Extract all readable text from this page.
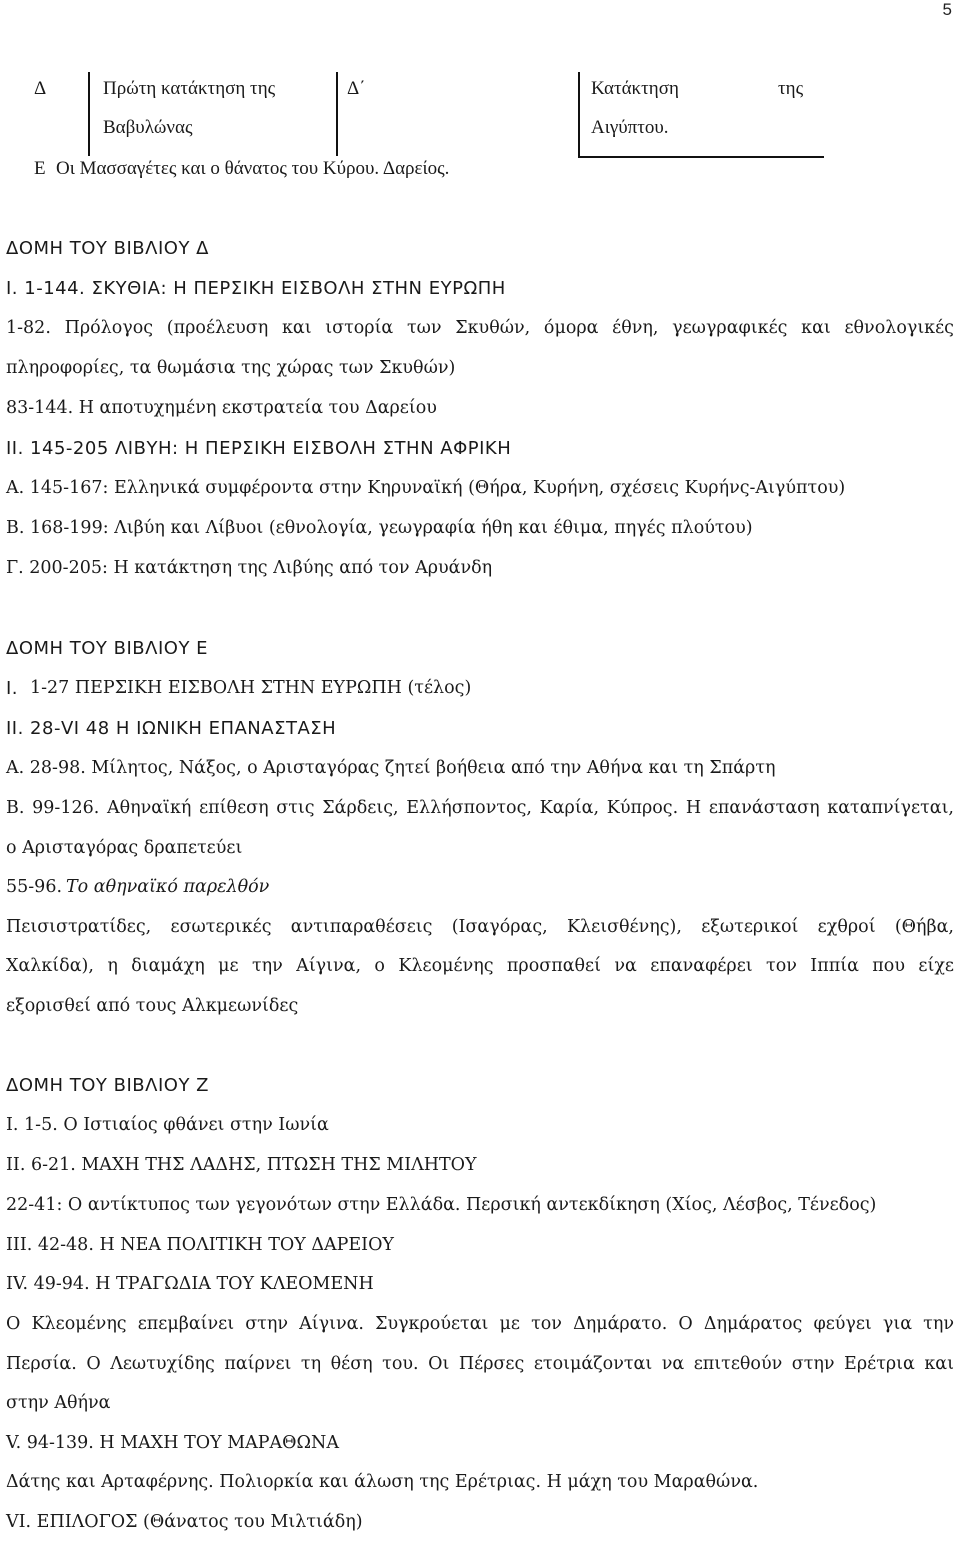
5
Δ	Πρώτη κατάκτηση της
Βαβυλώνας
Δ΄	Κατάκτηση	της
Αιγύπτου.
Ε Οι Μασσαγέτες και ο θάνατος του Κύρου. Δαρείος.
ΔΟΜΗ ΤΟΥ ΒΙΒΛΙΟΥ Δ
Ι. 1-144. ΣΚΥΘΙΑ: Η ΠΕΡΣΙΚΗ ΕΙΣΒΟΛΗ ΣΤΗΝ ΕΥΡΩΠΗ
1-82. Πρόλογος (προέλευση και ιστορία των Σκυθών, όμορα έθνη, γεωγραφικές και εθνολογικές
πληροφορίες, τα θωμάσια της χώρας των Σκυθών)
83-144. Η αποτυχημένη εκστρατεία του Δαρείου
ΙΙ. 145-205 ΛΙΒΥΗ: Η ΠΕΡΣΙΚΗ ΕΙΣΒΟΛΗ ΣΤΗΝ ΑΦΡΙΚΗ
Α. 145-167: Ελληνικά συμφέροντα στην Κηρυναϊκή (Θήρα, Κυρήνη, σχέσεις Κυρήνς-Αιγύπτου)
Β. 168-199: Λιβύη και Λίβυοι (εθνολογία, γεωγραφία ήθη και έθιμα, πηγές πλούτου)
Γ. 200-205: Η κατάκτηση της Λιβύης από τον Αρυάνδη
ΔΟΜΗ ΤΟΥ ΒΙΒΛΙΟΥ Ε
Ι. 1-27 ΠΕΡΣΙΚΗ ΕΙΣΒΟΛΗ ΣΤΗΝ ΕΥΡΩΠΗ (τέλος)
ΙΙ. 28-VI 48 Η ΙΩΝΙΚΗ ΕΠΑΝΑΣΤΑΣΗ
Α. 28-98. Μίλητος, Νάξος, ο Αρισταγόρας ζητεί βοήθεια από την Αθήνα και τη Σπάρτη
Β. 99-126. Αθηναϊκή επίθεση στις Σάρδεις, Ελλήσποντος, Καρία, Κύπρος. Η επανάσταση καταπνίγεται,
ο Αρισταγόρας δραπετεύει
55-96. Το αθηναϊκό παρελθόν
Πεισιστρατίδες, εσωτερικές αντιπαραθέσεις (Ισαγόρας, Κλεισθένης), εξωτερικοί εχθροί (Θήβα,
Χαλκίδα), η διαμάχη με την Αίγινα, ο Κλεομένης προσπαθεί να επαναφέρει τον Ιππία που είχε
εξορισθεί από τους Αλκμεωνίδες
ΔΟΜΗ ΤΟΥ ΒΙΒΛΙΟΥ Ζ
Ι. 1-5. Ο Ιστιαίος φθάνει στην Ιωνία
ΙΙ. 6-21. ΜΑΧΗ ΤΗΣ ΛΑΔΗΣ, ΠΤΩΣΗ ΤΗΣ ΜΙΛΗΤΟΥ
22-41: Ο αντίκτυπος των γεγονότων στην Ελλάδα. Περσική αντεκδίκηση (Χίος, Λέσβος, Τένεδος)
ΙΙΙ. 42-48. Η ΝΕΑ ΠΟΛΙΤΙΚΗ ΤΟΥ ΔΑΡΕΙΟΥ
ΙV. 49-94. Η ΤΡΑΓΩΔΙΑ ΤΟΥ ΚΛΕΟΜΕΝΗ
Ο Κλεομένης επεμβαίνει στην Αίγινα. Συγκρούεται με τον Δημάρατο. Ο Δημάρατος φεύγει για την
Περσία. Ο Λεωτυχίδης παίρνει τη θέση του. Οι Πέρσες ετοιμάζονται να επιτεθούν στην Ερέτρια και
στην Αθήνα
V. 94-139. Η ΜΑΧΗ ΤΟΥ ΜΑΡΑΘΩΝΑ
Δάτης και Αρταφέρνης. Πολιορκία και άλωση της Ερέτριας. Η μάχη του Μαραθώνα.
VΙ. ΕΠΙΛΟΓΟΣ (Θάνατος του Μιλτιάδη)
